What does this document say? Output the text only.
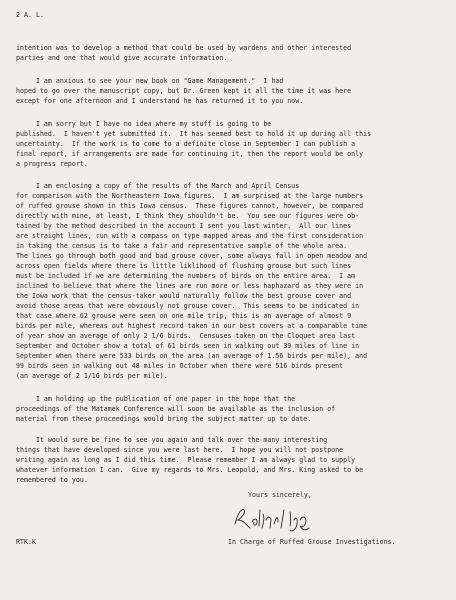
2 A. L.
intention was to develop a method that could be used by wardens and other interested
parties and one that would give accurate information.
I am anxious to see your new book on "Game Management."  I had
hoped to go over the manuscript copy, but Dr. Green kept it all the time it was here
except for one afternoon and I understand he has returned it to you now.
I am sorry but I have no idea where my stuff is going to be
published.  I haven't yet submitted it.  It has seemed best to hold it up during all this
uncertainty.  If the work is to come to a definite close in September I can publish a
final report, if arrangements are made for continuing it, then the report would be only
a progress report.
I am enclosing a copy of the results of the March and April Census
for comparison with the Northeastern Iowa figures.  I am surprised at the large numbers
of ruffed grouse shown in this Iowa census.  These figures cannot, however, be compared
directly with mine, at least, I think they shouldn't be.  You see our figures were ob-
tained by the method described in the account I sent you last winter.  All our lines
are straight lines, run with a compass on type mapped areas and the first consideration
in taking the census is to take a fair and representative sample of the whole area.
The lines go through both good and bad grouse cover, some always fall in open meadow and
across open fields where there is little liklihood of flushing grouse but such lines
must be included if we are determining the numbers of birds on the entire area.  I am
inclined to believe that where the lines are run more or less haphazard as they were in
the Iowa work that the census-taker would naturally follow the best grouse cover and
avoid those areas that were obviously not grouse cover.  This seems to be indicated in
that case where 62 grouse were seen on one mile trip, this is an average of almost 9
birds per mile, whereas out highest record taken in our best covers at a comparable time
of year show an average of only 2 1/6 birds.  Censuses taken on the Cloquet area last
September and October show a total of 61 birds seen in walking out 39 miles of line in
September when there were 533 birds on the area (an average of 1.56 birds per mile), and
99 birds seen in walking out 48 miles in October when there were 516 birds present
(an average of 2 1/16 birds per mile).
I am holding up the publication of one paper in the hope that the
proceedings of the Matamek Conference will soon be available as the inclusion of
material from these proceedings would bring the subject matter up to date.
It would sure be fine to see you again and talk over the many interesting
things that have developed since you were last here.  I hope you will not postpone
writing again as long as I did this time.  Please remember I am always glad to supply
whatever information I can.  Give my regards to Mrs. Leopold, and Mrs. King asked to be
remembered to you.
Yours sincerely,
RTK:K	In Charge of Ruffed Grouse Investigations.
